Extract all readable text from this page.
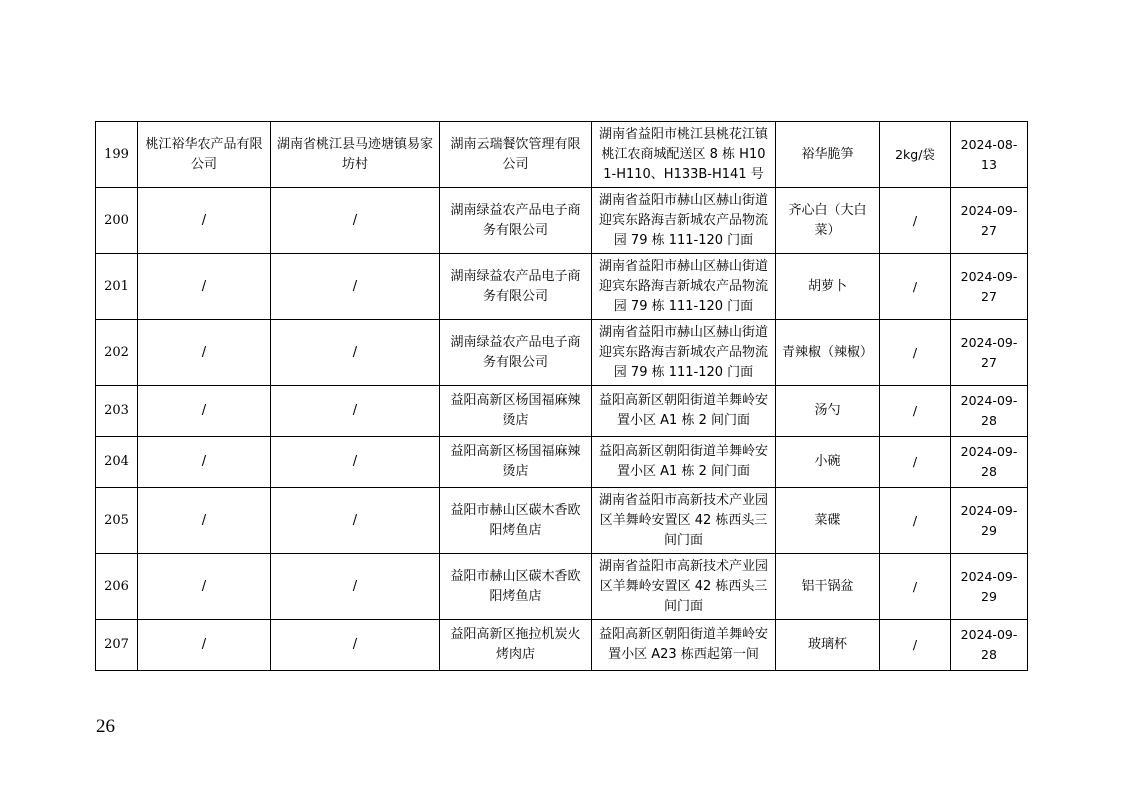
199	桃江裕华农产品有限公司	湖南省桃江县马迹塘镇易家坊村	湖南云瑞餐饮管理有限公司	湖南省益阳市桃江县桃花江镇桃江农商城配送区 8 栋 H101-H110、H133B-H141 号	裕华脆笋	2kg/袋	2024-08-13
200	/	/	湖南绿益农产品电子商务有限公司	湖南省益阳市赫山区赫山街道迎宾东路海吉新城农产品物流园 79 栋 111-120 门面	齐心白（大白菜）	/	2024-09-27
201	/	/	湖南绿益农产品电子商务有限公司	湖南省益阳市赫山区赫山街道迎宾东路海吉新城农产品物流园 79 栋 111-120 门面	胡萝卜	/	2024-09-27
202	/	/	湖南绿益农产品电子商务有限公司	湖南省益阳市赫山区赫山街道迎宾东路海吉新城农产品物流园 79 栋 111-120 门面	青辣椒（辣椒）	/	2024-09-27
203	/	/	益阳高新区杨国福麻辣烫店	益阳高新区朝阳街道羊舞岭安置小区 A1 栋 2 间门面	汤勺	/	2024-09-28
204	/	/	益阳高新区杨国福麻辣烫店	益阳高新区朝阳街道羊舞岭安置小区 A1 栋 2 间门面	小碗	/	2024-09-28
205	/	/	益阳市赫山区碳木香欧阳烤鱼店	湖南省益阳市高新技术产业园区羊舞岭安置区 42 栋西头三间门面	菜碟	/	2024-09-29
206	/	/	益阳市赫山区碳木香欧阳烤鱼店	湖南省益阳市高新技术产业园区羊舞岭安置区 42 栋西头三间门面	铝干锅盆	/	2024-09-29
207	/	/	益阳高新区拖拉机炭火烤肉店	益阳高新区朝阳街道羊舞岭安置小区 A23 栋西起第一间	玻璃杯	/	2024-09-28
26
